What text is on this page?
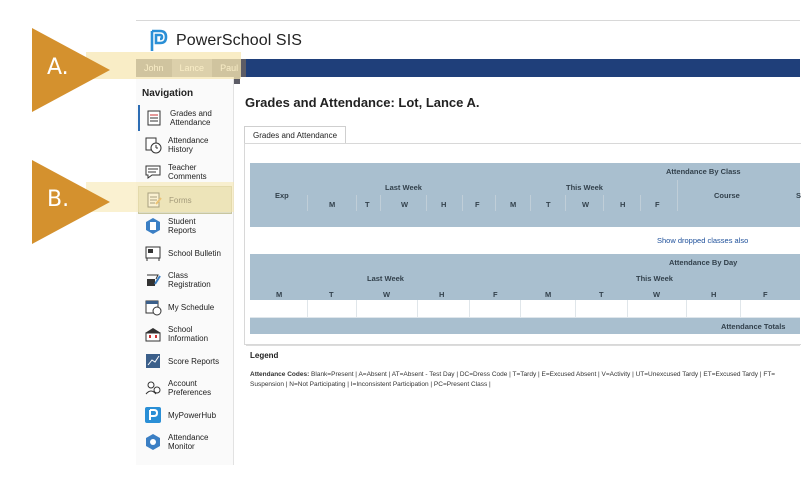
PowerSchool SIS
Navigation
Grades and
Attendance
Attendance
History
Teacher
Comments
Student
Reports
School Bulletin
Class
Registration
My Schedule
School
Information
Score Reports
Account
Preferences
MyPowerHub
Attendance
Monitor
Grades and Attendance: Lot, Lance A.
Grades and Attendance
Attendance By Class
Exp
Last Week	This Week
Course	S
M	T	W	H	F	M	T	W	H	F
Show dropped classes also
Attendance By Day
Last Week	This Week
M	T	W	H	F	M	T	W	H	F
Attendance Totals
Legend
Attendance Codes: Blank=Present | A=Absent | AT=Absent - Test Day | DC=Dress Code | T=Tardy | E=Excused Absent | V=Activity | UT=Unexcused Tardy | ET=Excused Tardy | FT=
Suspension | N=Not Participating | I=Inconsistent Participation | PC=Present Class |
A.
B.
